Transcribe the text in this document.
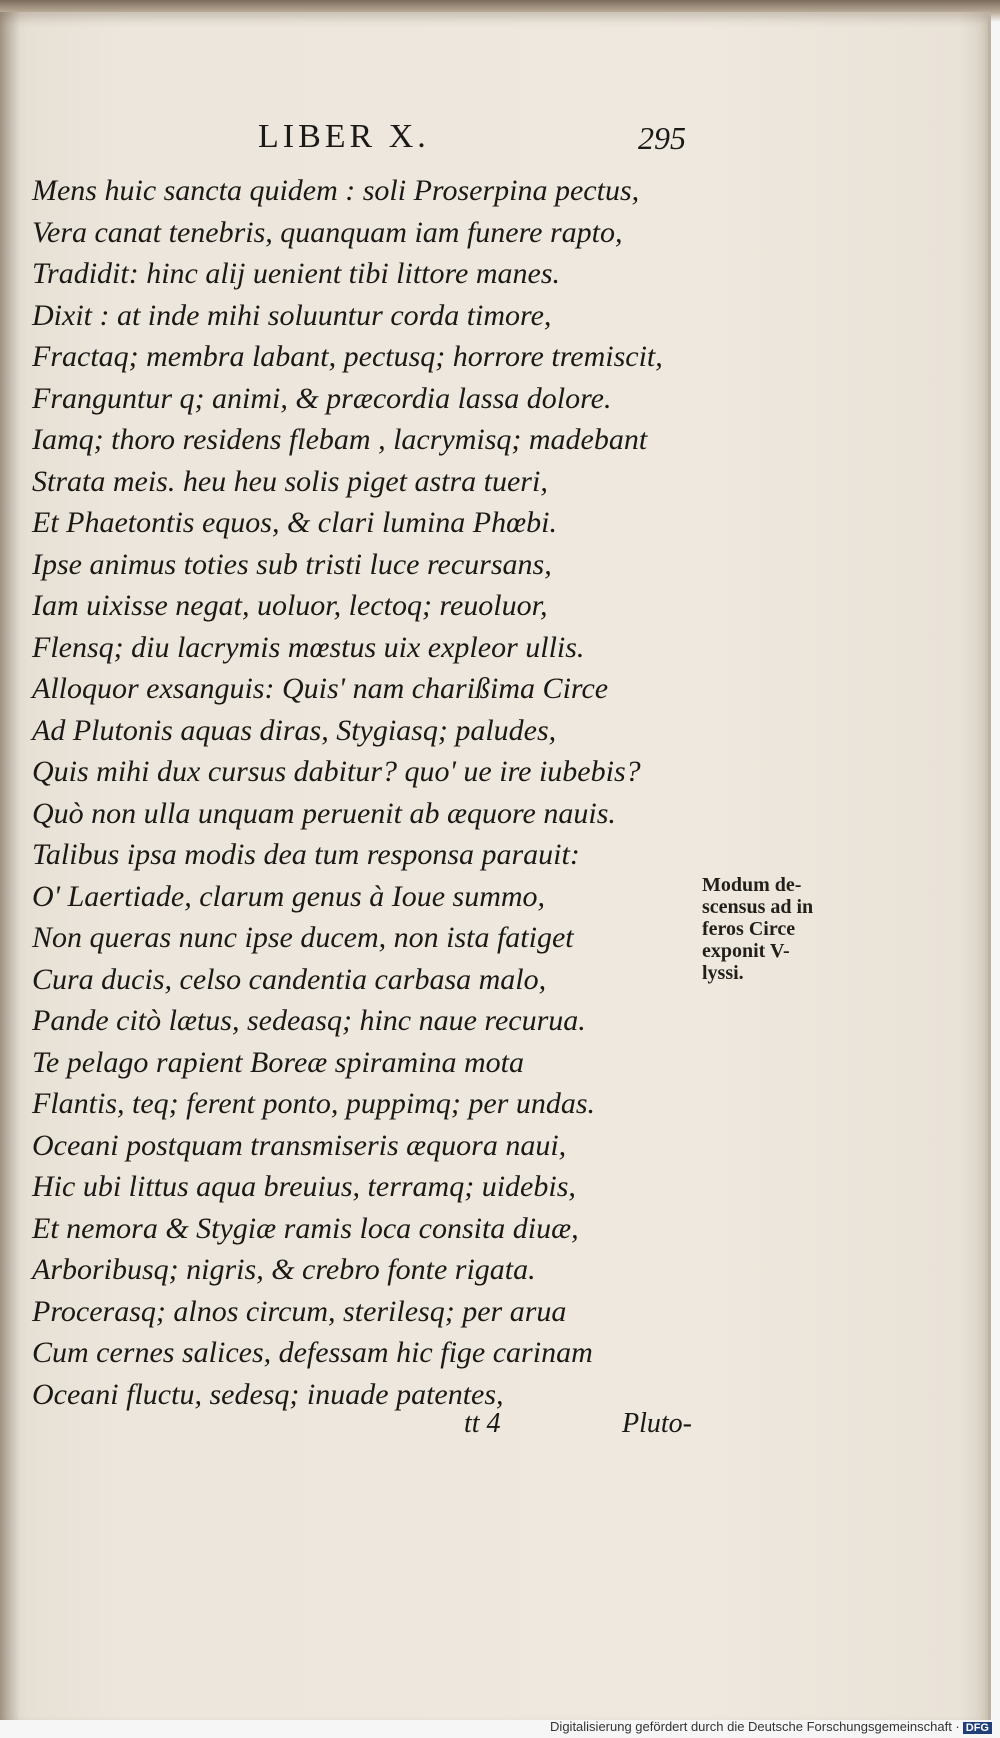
LIBER X.	295
Mens huic sancta quidem : soli Proserpina pectus,
Vera canat tenebris, quanquam iam funere rapto,
Tradidit: hinc alij uenient tibi littore manes.
Dixit : at inde mihi soluuntur corda timore,
Fractaq; membra labant, pectusq; horrore tremiscit,
Franguntur q; animi, & præcordia lassa dolore.
Iamq; thoro residens flebam , lacrymisq; madebant
Strata meis. heu heu solis piget astra tueri,
Et Phaetontis equos, & clari lumina Phœbi.
Ipse animus toties sub tristi luce recursans,
Iam uixisse negat, uoluor, lectoq; reuoluor,
Flensq; diu lacrymis mœstus uix expleor ullis.
Alloquor exsanguis: Quis' nam charißima Circe
Ad Plutonis aquas diras, Stygiasq; paludes,
Quis mihi dux cursus dabitur? quo' ue ire iubebis?
Quò non ulla unquam peruenit ab æquore nauis.
Talibus ipsa modis dea tum responsa parauit:
O' Laertiade, clarum genus à Ioue summo,
Non queras nunc ipse ducem, non ista fatiget
Cura ducis, celso candentia carbasa malo,
Pande citò lætus, sedeasq; hinc naue recurua.
Te pelago rapient Boreæ spiramina mota
Flantis, teq; ferent ponto, puppimq; per undas.
Oceani postquam transmiseris æquora naui,
Hic ubi littus aqua breuius, terramq; uidebis,
Et nemora & Stygiæ ramis loca consita diuæ,
Arboribusq; nigris, & crebro fonte rigata.
Procerasq; alnos circum, sterilesq; per arua
Cum cernes salices, defessam hic fige carinam
Oceani fluctu, sedesq; inuade patentes,
Modum de-
scensus ad in
feros Circe
exponit V-
lyssi.
tt 4	Pluto-
Digitalisierung gefördert durch die Deutsche Forschungsgemeinschaft · DFG
